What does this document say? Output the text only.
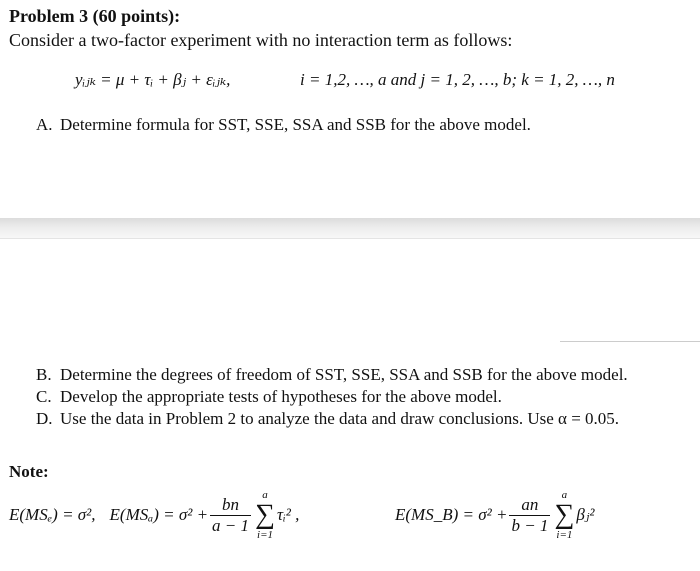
Problem 3 (60 points):
Consider a two-factor experiment with no interaction term as follows:
yᵢⱼₖ = μ + τᵢ + βⱼ + εᵢⱼₖ,	i = 1,2, …, a and j = 1, 2, …, b; k = 1, 2, …, n
A. Determine formula for SST, SSE, SSA and SSB for the above model.
B. Determine the degrees of freedom of SST, SSE, SSA and SSB for the above model.
C. Develop the appropriate tests of hypotheses for the above model.
D. Use the data in Problem 2 to analyze the data and draw conclusions. Use α = 0.05.
Note:
E(MSₑ) = σ², $E(MS_a) = \sigma^2 + \frac{bn}{a - 1}$ a
∑
i=1
τᵢ² ,	E(MS_B) = $\sigma^2 + \frac{an}{b - 1}$ a
∑
i=1
βⱼ²
